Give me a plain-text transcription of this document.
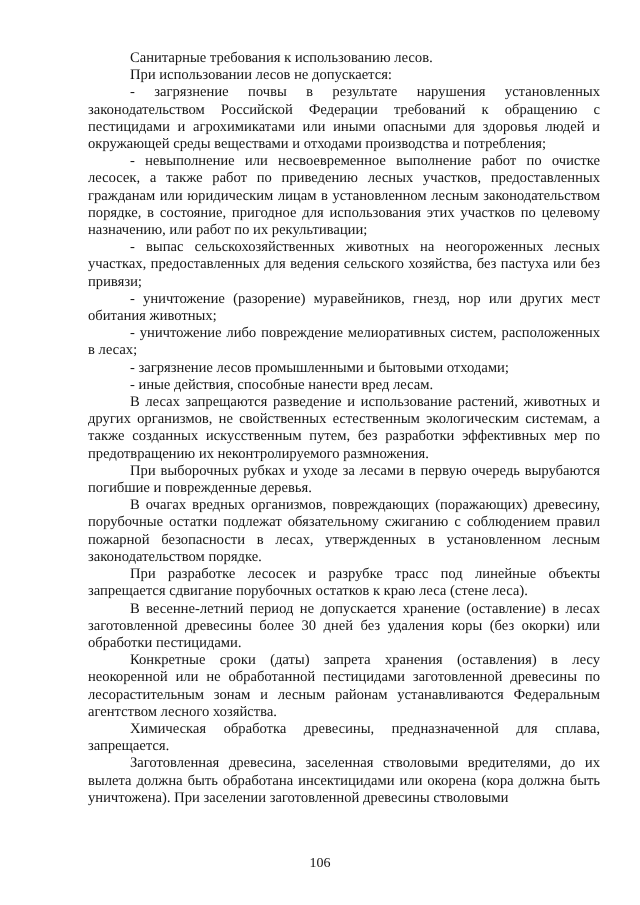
Санитарные требования к использованию лесов.

При использовании лесов не допускается:

- загрязнение почвы в результате нарушения установленных законодательством Российской Федерации требований к обращению с пестицидами и агрохимикатами или иными опасными для здоровья людей и окружающей среды веществами и отходами производства и потребления;

- невыполнение или несвоевременное выполнение работ по очистке лесосек, а также работ по приведению лесных участков, предоставленных гражданам или юридическим лицам в установленном лесным законодательством порядке, в состояние, пригодное для использования этих участков по целевому назначению, или работ по их рекультивации;

- выпас сельскохозяйственных животных на неогороженных лесных участках, предоставленных для ведения сельского хозяйства, без пастуха или без привязи;

- уничтожение (разорение) муравейников, гнезд, нор или других мест обитания животных;

- уничтожение либо повреждение мелиоративных систем, расположенных в лесах;

- загрязнение лесов промышленными и бытовыми отходами;

- иные действия, способные нанести вред лесам.

В лесах запрещаются разведение и использование растений, животных и других организмов, не свойственных естественным экологическим системам, а также созданных искусственным путем, без разработки эффективных мер по предотвращению их неконтролируемого размножения.

При выборочных рубках и уходе за лесами в первую очередь вырубаются погибшие и поврежденные деревья.

В очагах вредных организмов, повреждающих (поражающих) древесину, порубочные остатки подлежат обязательному сжиганию с соблюдением правил пожарной безопасности в лесах, утвержденных в установленном лесным законодательством порядке.

При разработке лесосек и разрубке трасс под линейные объекты запрещается сдвигание порубочных остатков к краю леса (стене леса).

В весенне-летний период не допускается хранение (оставление) в лесах заготовленной древесины более 30 дней без удаления коры (без окорки) или обработки пестицидами.

Конкретные сроки (даты) запрета хранения (оставления) в лесу неокоренной или не обработанной пестицидами заготовленной древесины по лесорастительным зонам и лесным районам устанавливаются Федеральным агентством лесного хозяйства.

Химическая обработка древесины, предназначенной для сплава, запрещается.

Заготовленная древесина, заселенная стволовыми вредителями, до их вылета должна быть обработана инсектицидами или окорена (кора должна быть уничтожена). При заселении заготовленной древесины стволовыми

106
